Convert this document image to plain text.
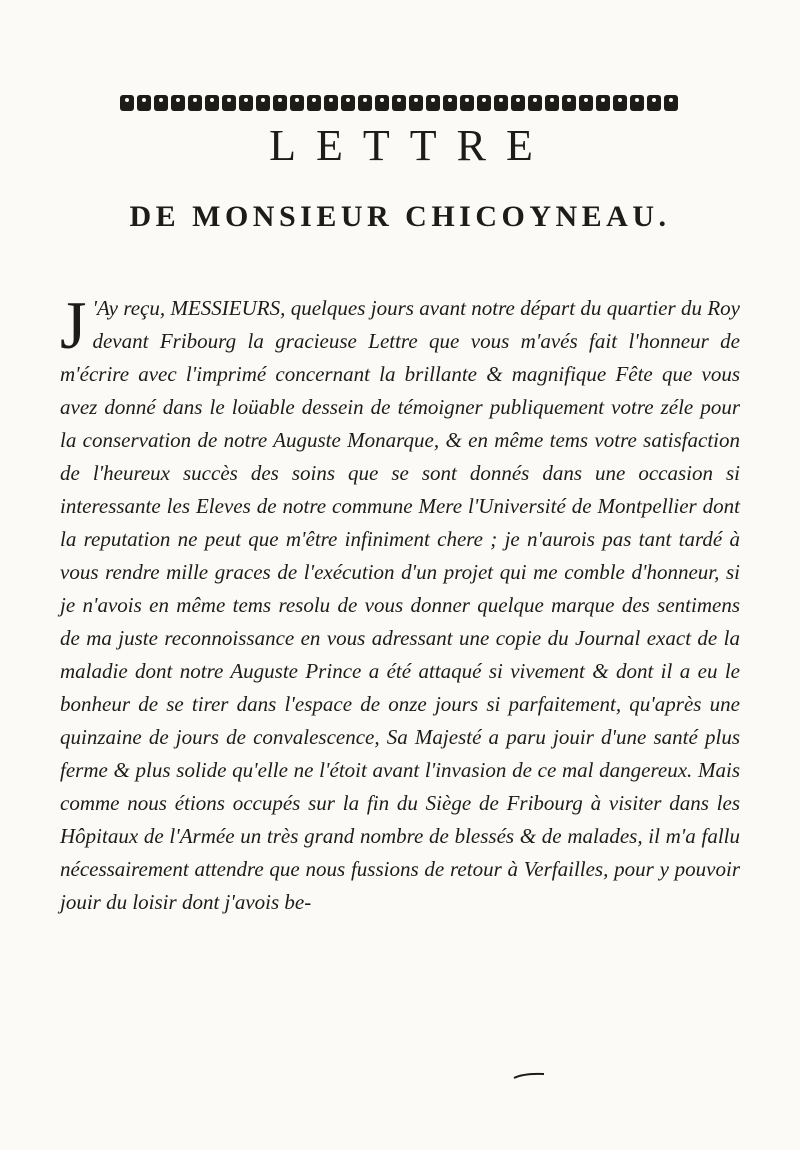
LETTRE
DE MONSIEUR CHICOYNEAU.

J 'Ay reçu, MESSIEURS, quelques jours avant notre départ du quartier du Roy devant Fribourg la gracieuse Lettre que vous m'avés fait l'honneur de m'écrire avec l'imprimé concernant la brillante & magnifique Fête que vous avez donné dans le loüable dessein de témoigner publiquement votre zéle pour la conservation de notre Auguste Monarque, & en même tems votre satisfaction de l'heureux succès des soins que se sont donnés dans une occasion si interessante les Eleves de notre commune Mere l'Université de Montpellier dont la reputation ne peut que m'être infiniment chere ; je n'aurois pas tant tardé à vous rendre mille graces de l'exécution d'un projet qui me comble d'honneur, si je n'avois en même tems resolu de vous donner quelque marque des sentimens de ma juste reconnoissance en vous adressant une copie du Journal exact de la maladie dont notre Auguste Prince a été attaqué si vivement & dont il a eu le bonheur de se tirer dans l'espace de onze jours si parfaitement, qu'après une quinzaine de jours de convalescence, Sa Majesté a paru jouir d'une santé plus ferme & plus solide qu'elle ne l'étoit avant l'invasion de ce mal dangereux. Mais comme nous étions occupés sur la fin du Siège de Fribourg à visiter dans les Hôpitaux de l'Armée un très grand nombre de blessés & de malades, il m'a fallu nécessairement attendre que nous fussions de retour à Verfailles, pour y pouvoir jouir du loisir dont j'avois be-
